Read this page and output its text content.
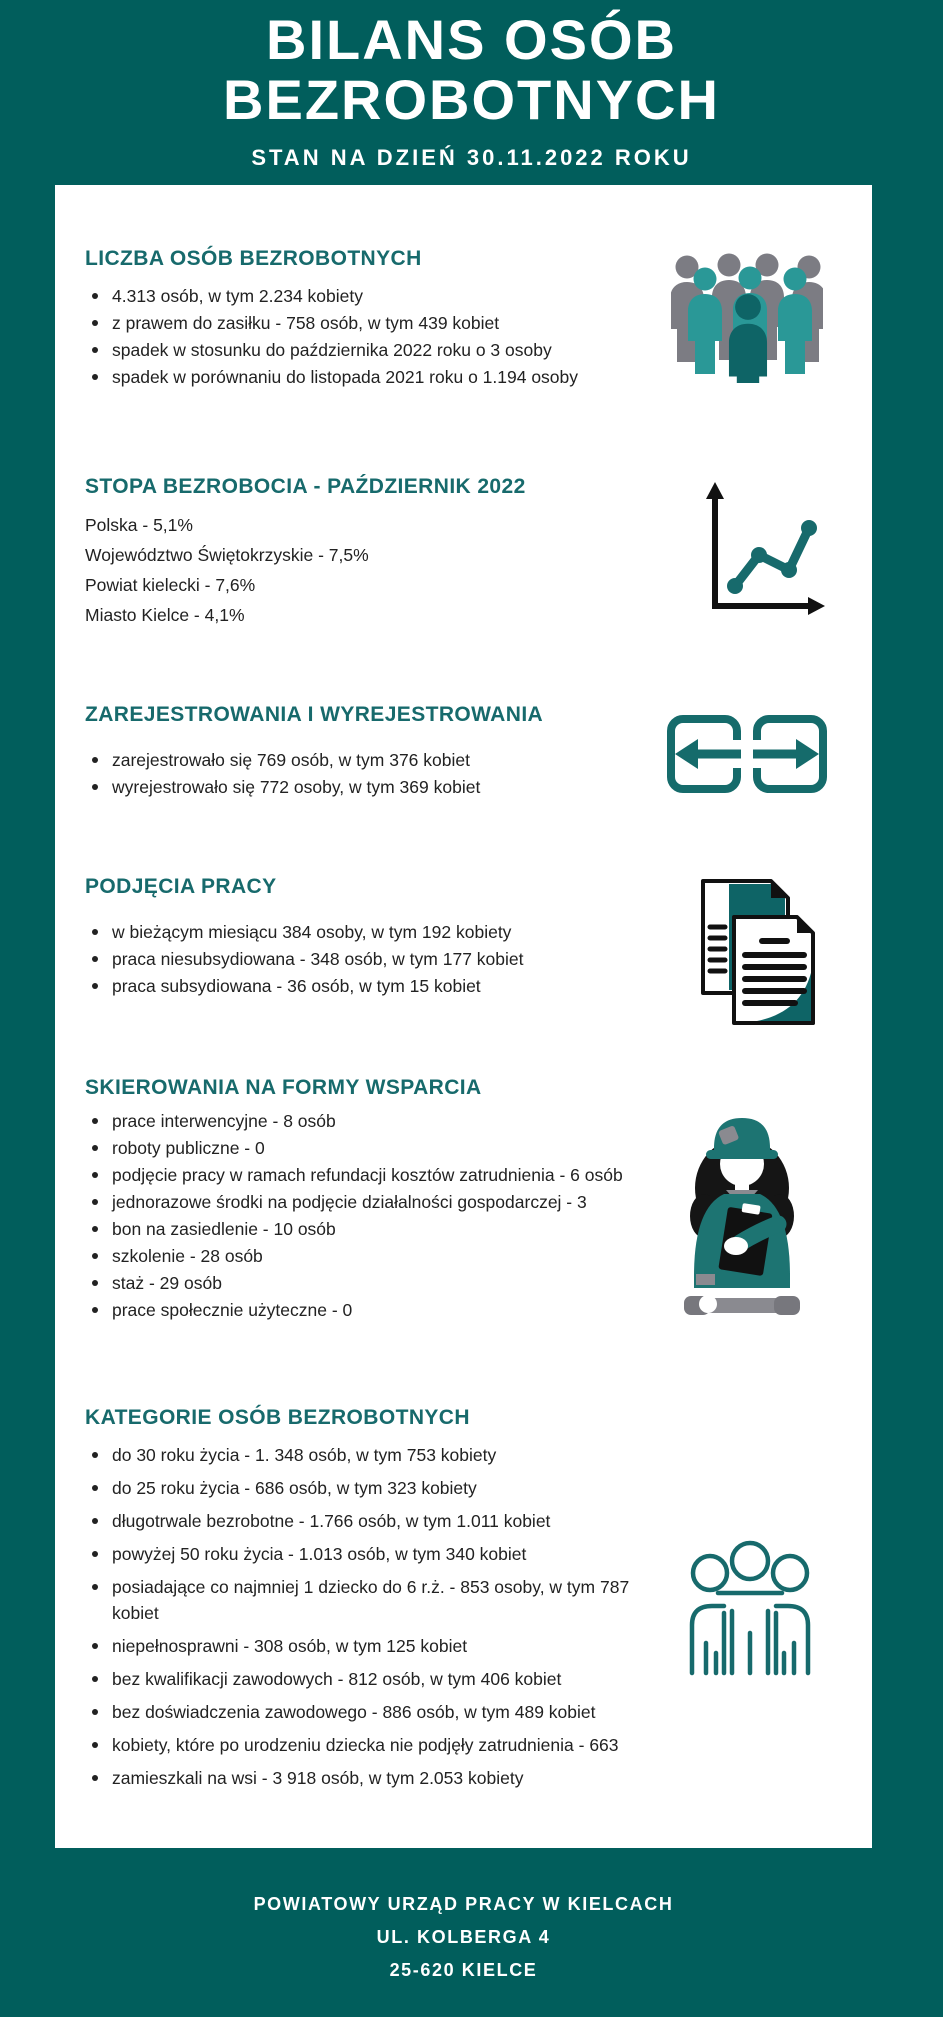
BILANS OSÓB
BEZROBOTNYCH
STAN NA DZIEŃ 30.11.2022 ROKU
LICZBA OSÓB BEZROBOTNYCH
4.313 osób, w tym 2.234 kobiety
z prawem do zasiłku - 758 osób, w tym 439 kobiet
spadek w stosunku do października 2022 roku o 3 osoby
spadek w porównaniu do listopada 2021 roku o 1.194 osoby
STOPA BEZROBOCIA - PAŹDZIERNIK 2022
Polska - 5,1%
Województwo Świętokrzyskie - 7,5%
Powiat kielecki - 7,6%
Miasto Kielce - 4,1%
ZAREJESTROWANIA I WYREJESTROWANIA
zarejestrowało się 769 osób, w tym 376 kobiet
wyrejestrowało się 772 osoby, w tym 369 kobiet
PODJĘCIA PRACY
w bieżącym miesiącu 384 osoby, w tym 192 kobiety
praca niesubsydiowana - 348 osób, w tym 177 kobiet
praca subsydiowana - 36 osób, w tym 15 kobiet
SKIEROWANIA NA FORMY WSPARCIA
prace interwencyjne - 8 osób
roboty publiczne - 0
podjęcie pracy w ramach refundacji kosztów zatrudnienia - 6 osób
jednorazowe środki na podjęcie działalności gospodarczej - 3
bon na zasiedlenie - 10 osób
szkolenie - 28 osób
staż - 29 osób
prace społecznie użyteczne - 0
KATEGORIE OSÓB BEZROBOTNYCH
do 30 roku życia - 1. 348 osób, w tym 753 kobiety
do 25 roku życia - 686 osób, w tym 323 kobiety
długotrwale bezrobotne - 1.766 osób, w tym 1.011 kobiet
powyżej 50 roku życia - 1.013 osób, w tym 340 kobiet
posiadające co najmniej 1 dziecko do 6 r.ż. - 853 osoby, w tym 787 kobiet
niepełnosprawni - 308 osób, w tym 125 kobiet
bez kwalifikacji zawodowych - 812 osób, w tym 406 kobiet
bez doświadczenia zawodowego - 886 osób, w tym 489 kobiet
kobiety, które po urodzeniu dziecka nie podjęły zatrudnienia - 663
zamieszkali na wsi - 3 918 osób, w tym 2.053 kobiety
POWIATOWY URZĄD PRACY W KIELCACH
UL. KOLBERGA 4
25-620 KIELCE
